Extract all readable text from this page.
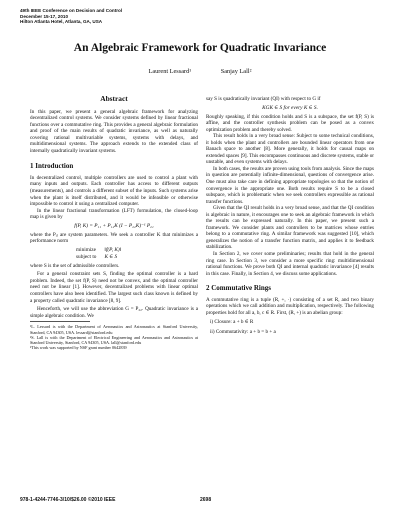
49th IEEE Conference on Decision and Control
December 15-17, 2010
Hilton Atlanta Hotel, Atlanta, GA, USA
An Algebraic Framework for Quadratic Invariance
Laurent Lessard¹	Sanjay Lall²

Abstract

In this paper, we present a general algebraic framework for analyzing decentralized control systems. We consider systems defined by linear fractional functions over a commutative ring. This provides a general algebraic formulation and proof of the main results of quadratic invariance, as well as naturally covering rational multivariable systems, systems with delays, and multidimensional systems. The approach extends to the extended class of internally quadratically invariant systems.

1 Introduction

In decentralized control, multiple controllers are used to control a plant with many inputs and outputs. Each controller has access to different outputs (measurements), and controls a different subset of the inputs. Such systems arise when the plant is itself distributed, and it would be infeasible or otherwise impossible to control it using a centralized computer.

In the linear fractional transformation (LFT) formulation, the closed-loop map is given by

f(P, K) = P₁₁ + P₁₂K (I − P₂₂K)⁻¹ P₂₁

where the Pᵢⱼ are system parameters. We seek a controller K that minimizes a performance norm

minimize	‖f(P, K)‖
subject to	K ∈ S

where S is the set of admissible controllers.

For a general constraint sets S, finding the optimal controller is a hard problem. Indeed, the set f(P, S) need not be convex, and the optimal controller need not be linear [1]. However, decentralized problems with linear optimal controllers have also been identified. The largest such class known is defined by a property called quadratic invariance [8, 9].

Henceforth, we will use the abbreviation G = P₂₂. Quadratic invariance is a simple algebraic condition. We

¹L. Lessard is with the Department of Aeronautics and Astronautics at Stanford University, Stanford, CA 94305, USA. lessard@stanford.edu

²S. Lall is with the Department of Electrical Engineering and Aeronautics and Astronautics at Stanford University, Stanford, CA 94305, USA. lall@stanford.edu

³This work was supported by NSF grant number 0642839

say S is quadratically invariant (QI) with respect to G if

KGK ∈ S for every K ∈ S.

Roughly speaking, if this condition holds and S is a subspace, the set f(P, S) is affine, and the controller synthesis problem can be posed as a convex optimization problem and thereby solved.

This result holds in a very broad sense: Subject to some technical conditions, it holds when the plant and controllers are bounded linear operators from one Banach space to another [8]. More generally, it holds for causal maps on extended spaces [9]. This encompasses continuous and discrete systems, stable or unstable, and even systems with delays.

In both cases, the results are proven using tools from analysis. Since the maps in question are potentially infinite-dimensional, questions of convergence arise. One must also take care in defining appropriate topologies so that the notion of convergence is the appropriate one. Both results require S to be a closed subspace, which is problematic when we seek controllers expressible as rational transfer functions.

Given that the QI result holds in a very broad sense, and that the QI condition is algebraic in nature, it encourages one to seek an algebraic framework in which the results can be expressed naturally. In this paper, we present such a framework. We consider plants and controllers to be matrices whose entries belong to a commutative ring. A similar framework was suggested [10], which generalizes the notion of a transfer function matrix, and applies it to feedback stabilization.

In Section 2, we cover some preliminaries; results that hold in the general ring case. In Section 3, we consider a more specific ring: multidimensional rational functions. We prove both QI and internal quadratic invariance [4] results in this case. Finally, in Section 4, we discuss some applications.

2 Commutative Rings

A commutative ring is a tuple (R, +, ·) consisting of a set R, and two binary operations which we call addition and multiplication, respectively. The following properties hold for all a, b, c ∈ R. First, (R, +) is an abelian group:

i) Closure: a + b ∈ R

ii) Commutativity: a + b = b + a

978-1-4244-7746-3/10/$26.00 ©2010 IEEE	2698
